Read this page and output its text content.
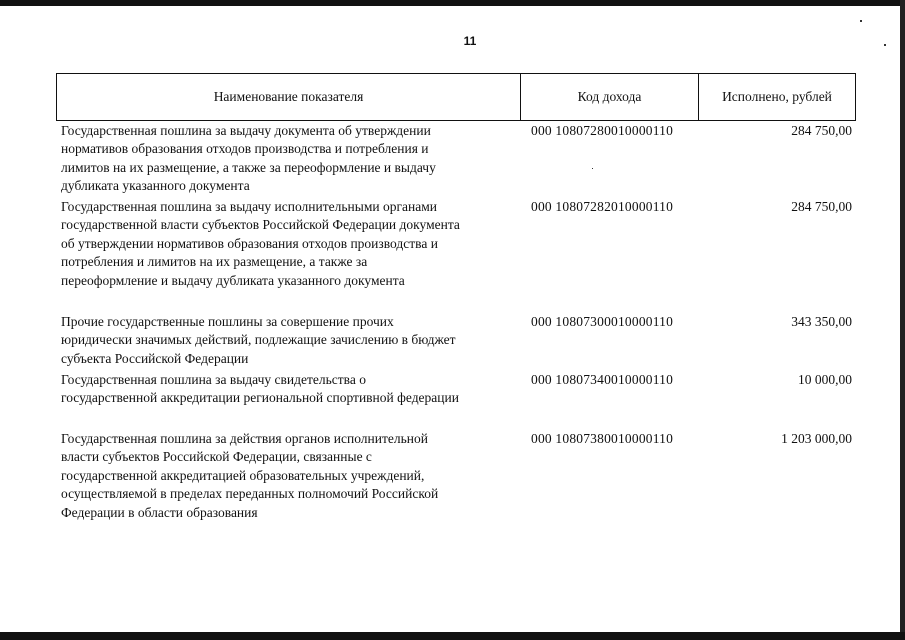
11
Наименование показателя	Код дохода	Исполнено, рублей
Государственная пошлина за выдачу документа об утверждении
нормативов образования отходов производства и потребления и
лимитов на их размещение, а также за переоформление и выдачу
дубликата указанного документа
000 10807280010000110	284 750,00
Государственная пошлина за выдачу исполнительными органами
государственной власти субъектов Российской Федерации документа
об утверждении нормативов образования отходов производства и
потребления и лимитов на их размещение, а также за
переоформление и выдачу дубликата указанного документа
000 10807282010000110	284 750,00
Прочие государственные пошлины за совершение прочих
юридически значимых действий, подлежащие зачислению в бюджет
субъекта Российской Федерации
000 10807300010000110	343 350,00
Государственная пошлина за выдачу свидетельства о
государственной аккредитации региональной спортивной федерации
000 10807340010000110	10 000,00
Государственная пошлина за действия органов исполнительной
власти субъектов Российской Федерации, связанные с
государственной аккредитацией образовательных учреждений,
осуществляемой в пределах переданных полномочий Российской
Федерации в области образования
000 10807380010000110	1 203 000,00
